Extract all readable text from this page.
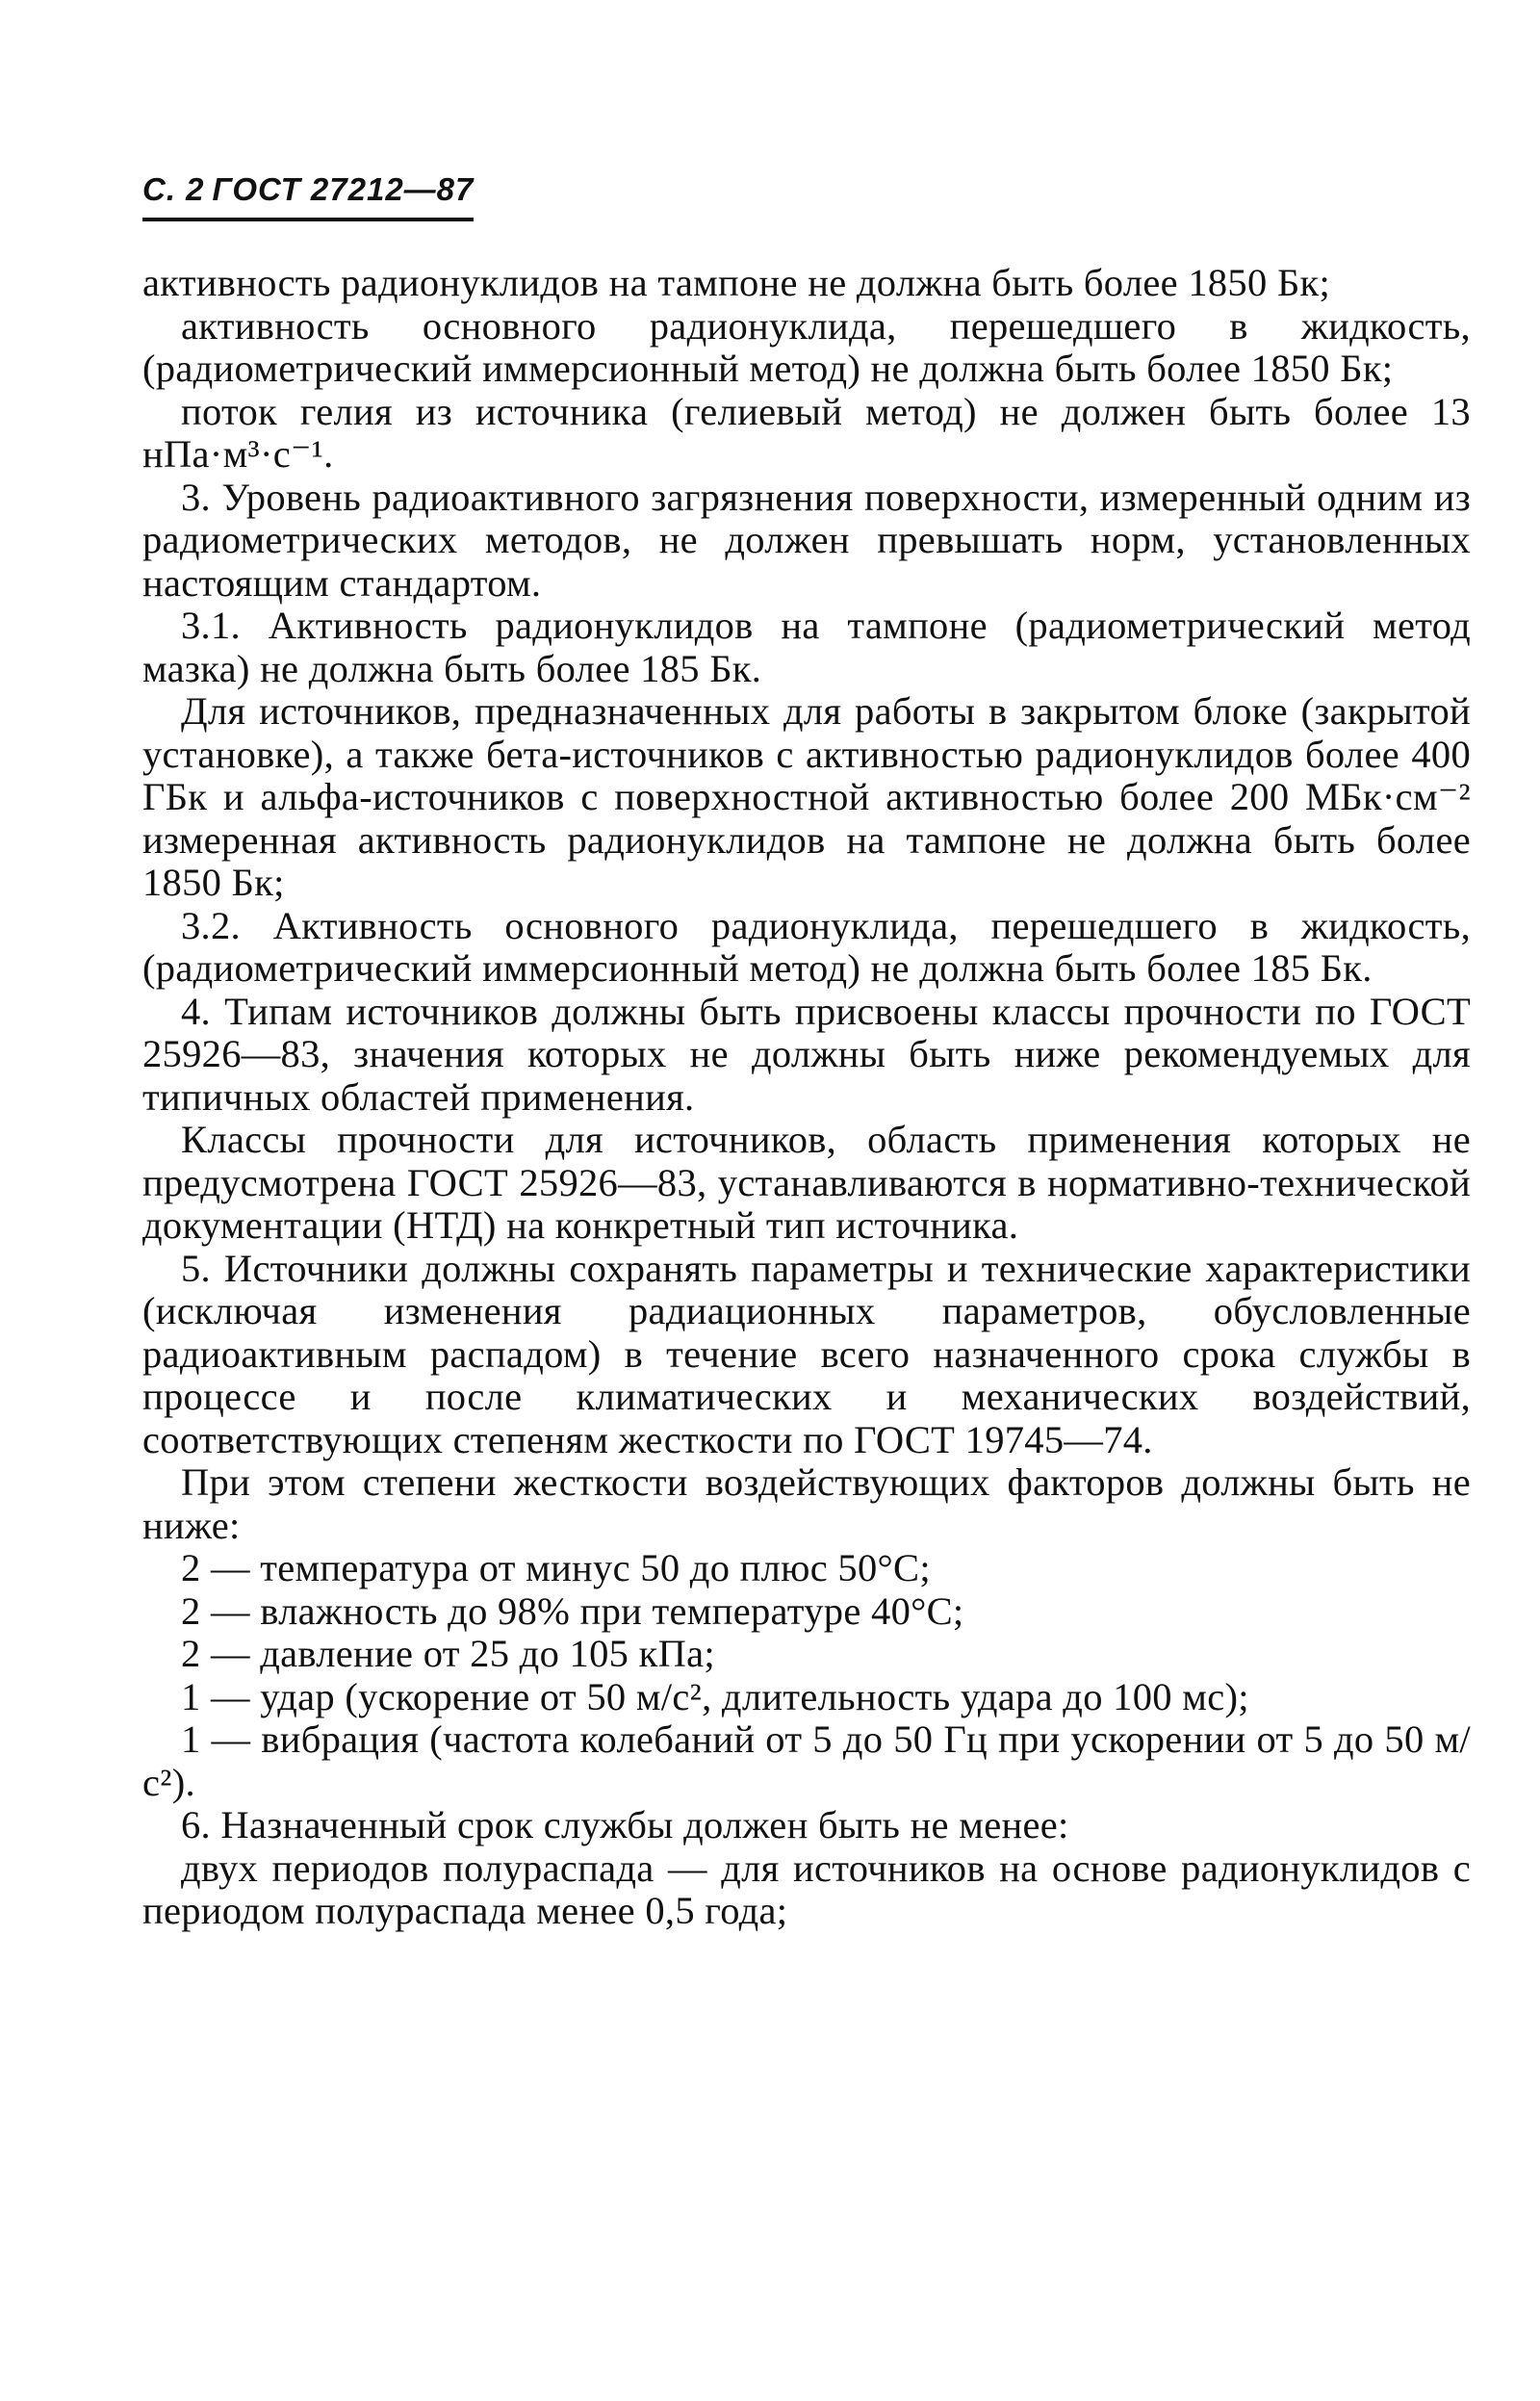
С. 2 ГОСТ 27212—87

активность радионуклидов на тампоне не должна быть более 1850 Бк;

активность основного радионуклида, перешедшего в жидкость, (радиометрический иммерсионный метод) не должна быть более 1850 Бк;

поток гелия из источника (гелиевый метод) не должен быть более 13 нПа·м³·с⁻¹.

3. Уровень радиоактивного загрязнения поверхности, измеренный одним из радиометрических методов, не должен превышать норм, установленных настоящим стандартом.

3.1. Активность радионуклидов на тампоне (радиометрический метод мазка) не должна быть более 185 Бк.

Для источников, предназначенных для работы в закрытом блоке (закрытой установке), а также бета-источников с активностью радионуклидов более 400 ГБк и альфа-источников с поверхностной активностью более 200 МБк·см⁻² измеренная активность радионуклидов на тампоне не должна быть более 1850 Бк;

3.2. Активность основного радионуклида, перешедшего в жидкость, (радиометрический иммерсионный метод) не должна быть более 185 Бк.

4. Типам источников должны быть присвоены классы прочности по ГОСТ 25926—83, значения которых не должны быть ниже рекомендуемых для типичных областей применения.

Классы прочности для источников, область применения которых не предусмотрена ГОСТ 25926—83, устанавливаются в нормативно-технической документации (НТД) на конкретный тип источника.

5. Источники должны сохранять параметры и технические характеристики (исключая изменения радиационных параметров, обусловленные радиоактивным распадом) в течение всего назначенного срока службы в процессе и после климатических и механических воздействий, соответствующих степеням жесткости по ГОСТ 19745—74.

При этом степени жесткости воздействующих факторов должны быть не ниже:

2 — температура от минус 50 до плюс 50°С;

2 — влажность до 98% при температуре 40°С;

2 — давление от 25 до 105 кПа;

1 — удар (ускорение от 50 м/с², длительность удара до 100 мс);

1 — вибрация (частота колебаний от 5 до 50 Гц при ускорении от 5 до 50 м/с²).

6. Назначенный срок службы должен быть не менее:

двух периодов полураспада — для источников на основе радионуклидов с периодом полураспада менее 0,5 года;
